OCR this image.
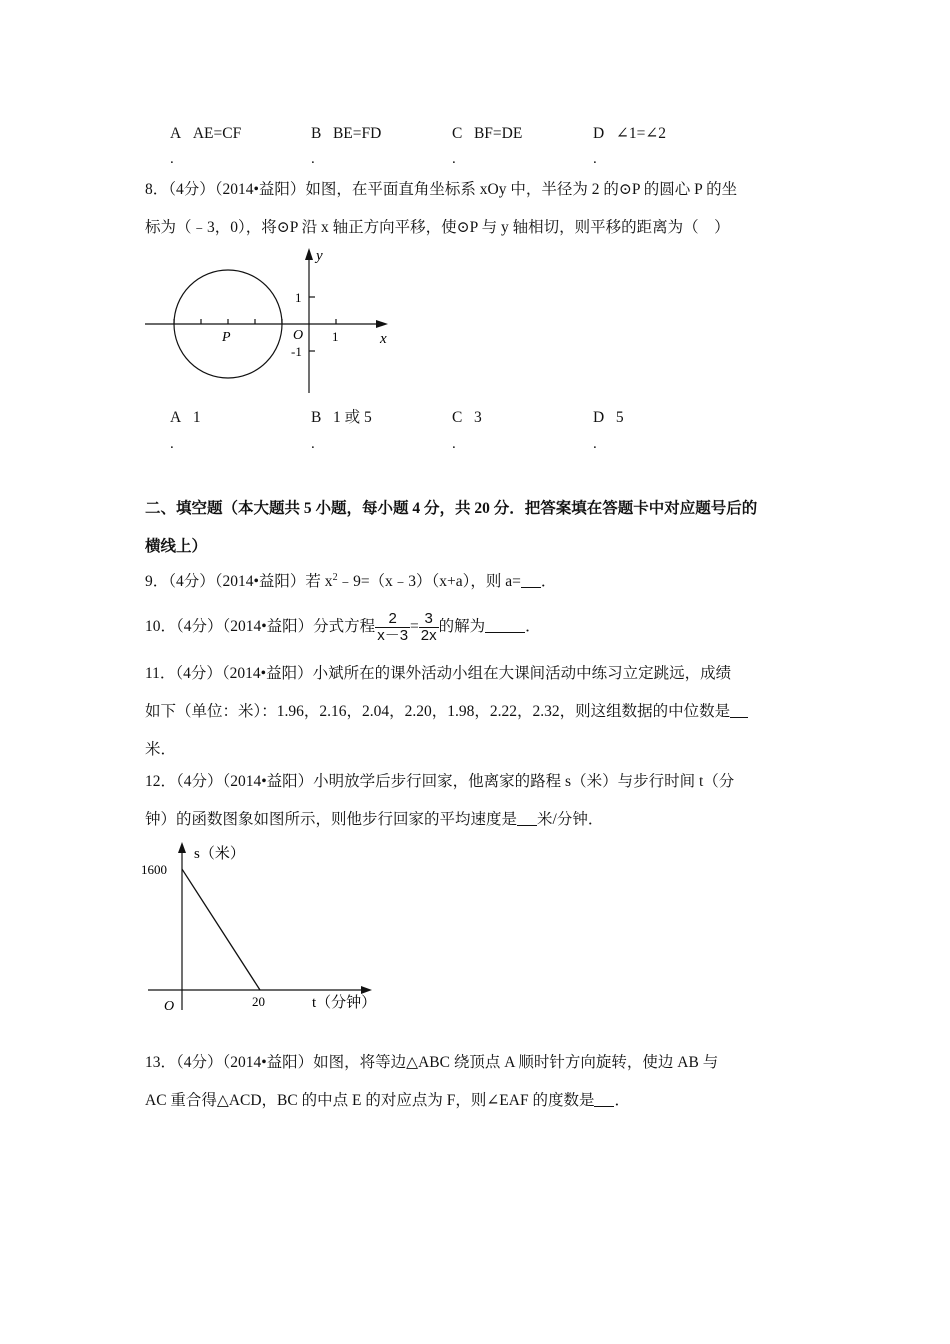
A AE=CF	B BE=FD	C BF=DE	D ∠1=∠2
.	.	.	.
8．（4分）（2014•益阳）如图，在平面直角坐标系 xOy 中，半径为 2 的⊙P 的圆心 P 的坐
标为（﹣3，0），将⊙P 沿 x 轴正方向平移，使⊙P 与 y 轴相切，则平移的距离为（　）
y
x
O
P	1
1
-1
A 1	B 1 或 5	C 3	D 5
.	.	.	.
二、填空题（本大题共 5 小题，每小题 4 分，共 20 分．把答案填在答题卡中对应题号后的
横线上）
9．（4分）（2014•益阳）若 $x^2﹣9=(x﹣3)(x+a)$，则 a= ．
10．（4分）（2014•益阳）分式方程 $\frac{2}{x-3} = \frac{3}{2x}$ 的解为	．
11．（4分）（2014•益阳）小斌所在的课外活动小组在大课间活动中练习立定跳远，成绩
如下（单位：米）：1.96，2.16，2.04，2.20，1.98，2.22，2.32，则这组数据的中位数是
米．
12．（4分）（2014•益阳）小明放学后步行回家，他离家的路程 s（米）与步行时间 t（分
钟）的函数图象如图所示，则他步行回家的平均速度是 米/分钟．
s（米）
t（分钟）
O
1600
20
13．（4分）（2014•益阳）如图，将等边△ABC 绕顶点 A 顺时针方向旋转，使边 AB 与
AC 重合得△ACD，BC 的中点 E 的对应点为 F，则∠EAF 的度数是 ．
